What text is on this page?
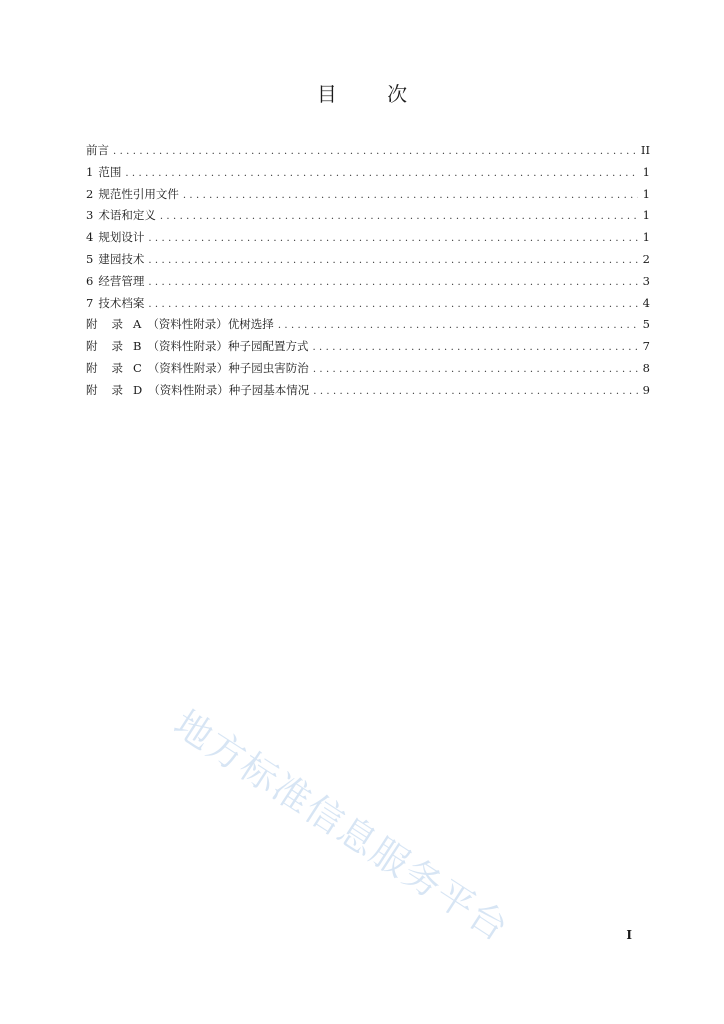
目 次
前言 .....	II
1 范围 .....	1
2 规范性引用文件 .....	1
3 术语和定义 .....	1
4 规划设计 .....	1
5 建园技术 .....	2
6 经营管理 .....	3
7 技术档案 .....	4
附 录 A （资料性附录）优树选择 .....	5
附 录 B （资料性附录）种子园配置方式 .....	7
附 录 C （资料性附录）种子园虫害防治 .....	8
附 录 D （资料性附录）种子园基本情况 .....	9
地方标准信息服务平台	I
